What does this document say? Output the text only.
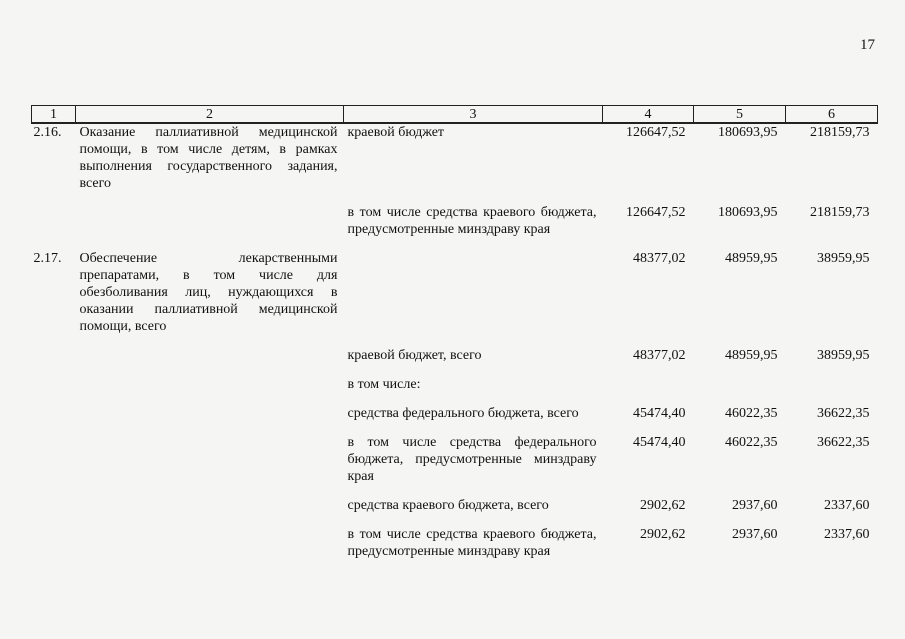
17
1	2	3	4	5	6
2.16.	Оказание паллиативной медицинской помощи, в том числе детям, в рамках выполнения государственного задания, всего	краевой бюджет	126647,52	180693,95	218159,73
		в том числе средства краевого бюджета, предусмотренные минздраву края	126647,52	180693,95	218159,73
2.17.	Обеспечение лекарственными препаратами, в том числе для обезболивания лиц, нуждающихся в оказании паллиативной медицинской помощи, всего		48377,02	48959,95	38959,95
		краевой бюджет, всего	48377,02	48959,95	38959,95
		в том числе:			
		средства федерального бюджета, всего	45474,40	46022,35	36622,35
		в том числе средства федерального бюджета, предусмотренные минздраву края	45474,40	46022,35	36622,35
		средства краевого бюджета, всего	2902,62	2937,60	2337,60
		в том числе средства краевого бюджета, предусмотренные минздраву края	2902,62	2937,60	2337,60
